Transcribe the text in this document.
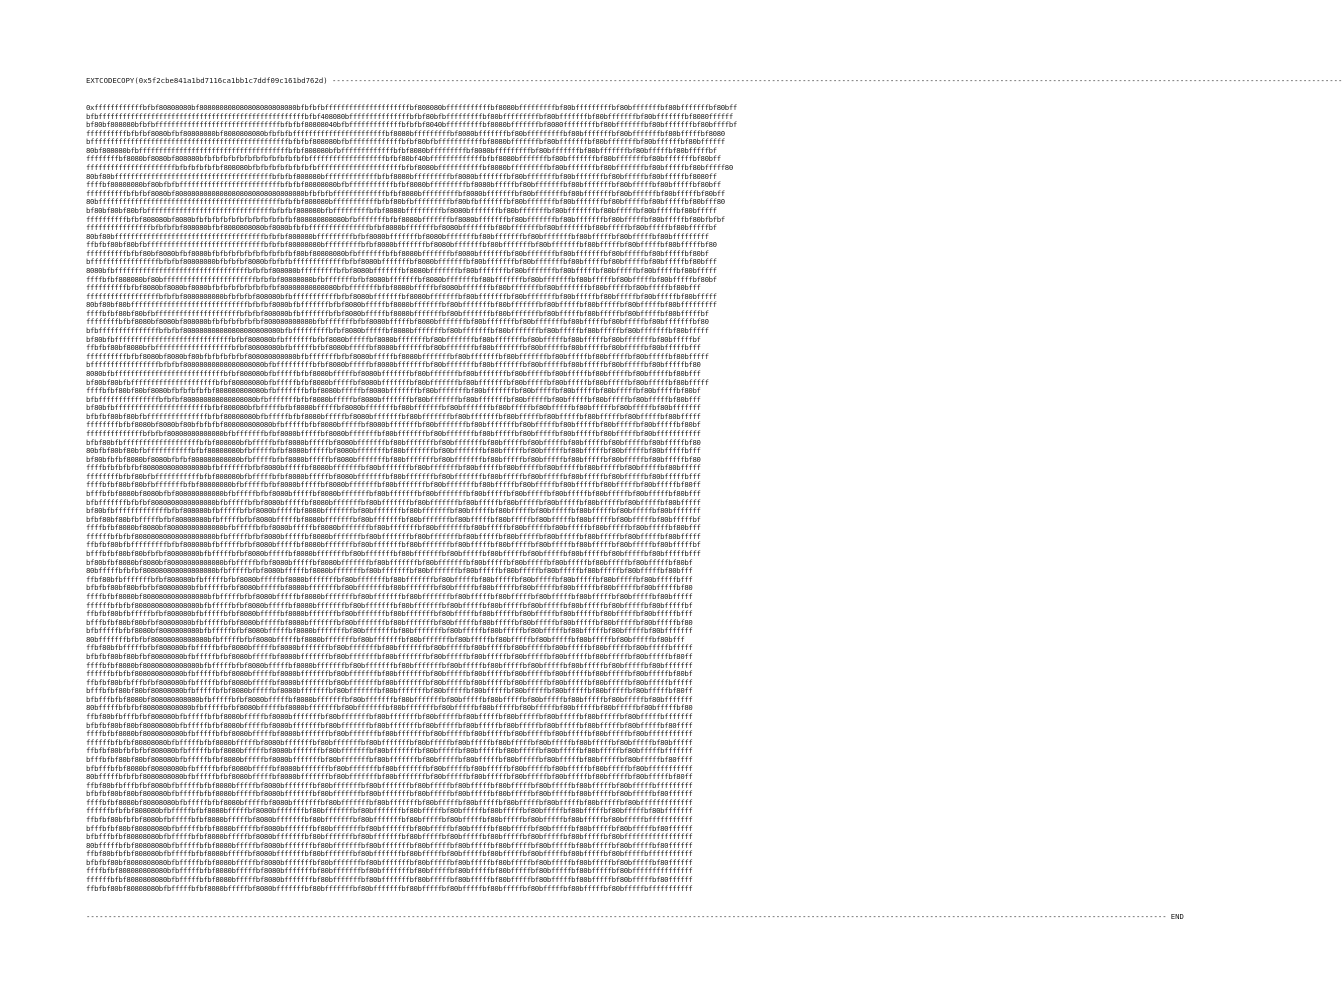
EXTCODECOPY(0x5f2cbe841a1bd7116ca1bb1c7ddf09c161bd762d) --------------------------------------------------------------------------------------------------------------------------------------------------------------------------------------------------------------------------------------
0xffffffffffffbfbf80808080bf808080808080808080808080bfbfbfbfffffffffffffffffffffbf808080bfffffffffffbf8080bfffffffffbf80bfffffffffbf80bfffffffbf80bfffffffbf80bff
bfbfffffffffffffffffffffffffffffffffffffffffffffffffffbfbf408080bfffffffffffffffbfbf80bfbfffffffffbf80bfffffffffbf80bfffffffbf80bfffffffbf80bfffffffbf8080ffffff
bf80bf808080bfbfbfffffffffffffffffffffffffffffffbfbfbf80808040bfbfffffffffffffbfbfbf8040bfffffffffbf8080bfffffffbf8080ffffffffbf80bfffffffbf80bfffffffbf80bffffbf
ffffffffffbfbfbf8080bfbf80808080bf8080808080bfbfbfbfffffffffffffffffffffffbf8080bfffffffffbf8080bfffffffbf80bfffffffffbf80bfffffffbf80bfffffffbf80bfffffbf8080
bfffffffffffffffffffffffffffffffffffffffffffffffffbfbfbf808080bfbfffffffffffffbfbf80bfbfffffffffffbf8080bfffffffbf80bfffffffbf80bfffffffbf80bffffffbf80bffffff
80bf808080bfbfffffffffffffffffffffffffffffffffffffbfbf808080bfbfffffffffffffbfbf8080bfffffffffbf8080bfffffffffbf80bfffffffbf80bfffffffbf80bfffffbf80bfffffbf
ffffffffbf8080bf8080bf808080bfbfbfbfbfbfbfbfbfbfbfbfbfbfffffffffffffffffffbfbf80bf40bfffffffffffffbfbf8080bfffffffbf80bfffffffbf80bfffffffbf80bfffffffbf80bff
ffffffffffffffffffffffbfbfbfbfbfbf808080bfbfbfbfbfbfbfbfbfffffffffffffffffffffbfbf8080bfffffffffffbf8080bfffffffffbf80bfffffffbf80bfffffffbf80bfffffbf80bfffff80
80bf80bfffffffffffffffffffffffffffffffffffffffbfbfbf808080bfffffffffffffbfbf8080bfffffffffbf8080bfffffffbf80bfffffffbf80bfffffffbf80bfffffbf80bfffffbf8080ff
ffffbf80808080bf80bfbfbfffffffffffffffffffffffffbfbfbf80808080bfbfffffffffffbfbf8080bfffffffffbf8080bfffffbf80bfffffffbf80bfffffffbf80bfffffbf80bfffffbf80bff
ffffffffffbfbfbf8080bf80808080808080808080808080808080bfbfbfbfffffffffffffbfbf8080bfffffffffbf8080bfffffffbf80bfffffffbf80bfffffffbf80bffffffbf80bfffffbf80bff
80bfffffffffffffffffffffffffffffffffffffffffffffbfbfbf808080bfffffffffffbfbf80bfbfffffffffbf80bfbfffffffbf80bfffffffbf80bfffffffbf80bfffffbf80bfffffbf80bfff80
bf80bf80bf80bfbfffffffffffffffffffffffffffffffbfbfbf808080bfbfffffffffbfbf8080bfffffffffbf8080bfffffffbf80bfffffffbf80bfffffffbf80bfffffbf80bfffffbf80bfffff
ffffffffffbfbf808080bf8080bfbfbfbfbfbfbfbfbfbfbfbfbf808080808080bfbfffffffbfbf8080bfffffffbf8080bfffffffbf80bfffffffbf80bfffffffbf80bfffffbf80bfffffbf80bfbfbf
ffffffffffffffffbfbfbfbf808080bfbf8080808080bf8080bfbfbfffffffffffffffbfbf8080bfffffffbf8080bfffffffbf80bfffffffbf80bfffffffbf80bfffffbf80bfffffbf80bfffffbf
80bf80bfffffffffffffffffffffffffffffffffffffbfbfbf808080bfffffffffbfbf8080bfffffffbf8080bfffffffbf80bfffffffbf80bfffffffbf80bfffffbf80bfffffbf80bfffffffff
ffbfbf80bf80bfbfffffffffffffffffffffffffffffbfbfbf80808080bfffffffffbfbf8080bfffffffbf8080bfffffffbf80bfffffffbf80bfffffffbf80bfffffbf80bfffffbf80bfffffbf80
ffffffffffbfbf80bf8080bfbf8080bfbfbfbfbfbfbfbfbfbfbf80bf80808080bfbfffffffbfbf8080bfffffffbf8080bfffffffbf80bfffffffbf80bfffffffbf80bfffffbf80bfffffbf80bf
bfffffffffffffffffbfbfbf80808080bfbfbfbf8080bfbfbfbfffffffffffffbfbf8080bfffffffbf8080bfffffffbf80bfffffffbf80bfffffffbf80bfffffbf80bfffffbf80bfffffbf80bfff
8080bfbfffffffffffffffffffffffffffffffffbfbfbf808080bfffffffffbfbf8080bfffffffbf8080bfffffffbf80bfffffffbf80bfffffffbf80bfffffbf80bfffffbf80bfffffbf80bfffff
ffffbfbf808080bf80bfffffffffffffffffffffffbfbfbf80808080bfbfffffffbfbf8080bfffffffbf8080bfffffffbf80bfffffffbf80bfffffffbf80bfffffbf80bfffffbf80bfffffbf80bf
ffffffffffbfbf8080bf8080bf8080bfbfbfbfbfbfbfbfbf80808080808080bfbfffffffbfbf8080bfffffbf8080bfffffffbf80bfffffffbf80bfffffffbf80bfffffbf80bfffffbf80bfff
ffffffffffffffffffbfbfbf8080808080bfbfbfbf808080bfbfffffffffffbfbf8080bfffffffbf8080bfffffffbf80bfffffffbf80bfffffffbf80bfffffbf80bfffffbf80bfffffbf80bfffff
80bf80bf80bfffffffffffffffffffffffffffffbfbfbf8080bfbfffffffbfbf8080bfffffbf8080bfffffffbf80bfffffffbf80bfffffffbf80bfffffbf80bfffffbf80bfffffbf80bfffffffff
ffffbfbf80bf80bfbfffffffffffffffffffffbfbfbf808080bfbfffffffbfbf8080bfffffbf8080bfffffffbf80bfffffffbf80bfffffffbf80bfffffbf80bfffffbf80bfffffbf80bfffffbf
ffffffffbfbf8080bf8080bf808080bfbfbfbfbfbfbf808080808080bfbfffffffbfbf8080bfffffbf8080bfffffffbf80bfffffffbf80bfffffffbf80bfffffbf80bfffffbf80bfffffffbf80
bfbfffffffffffffffbfbfbf808080808080808080808080bfbfffffffffbfbf8080bfffffbf8080bfffffffbf80bfffffffbf80bfffffffbf80bfffffbf80bfffffbf80bfffffffbf80bfffff
bf80bfbfffffffffffffffffffffffffffffbfbf808080bfbfffffffbfbf8080bfffffbf8080bfffffffbf80bfffffffbf80bfffffffbf80bfffffbf80bfffffbf80bfffffffbf80bfffffbf
ffbfbf80bf8080bfbfffffffffffffffffffbfbf80808080bfbfffffbfbf8080bfffffbf8080bfffffffbf80bfffffffbf80bfffffffbf80bfffffbf80bfffffbf80bfffffbf80bfffffbfff
ffffffffffbfbf8080bf8080bf80bfbfbfbfbfbf808080808080bfbfffffffbfbf8080bfffffbf8080bfffffffbf80bfffffffbf80bfffffffbf80bfffffbf80bfffffbf80bfffffbf80bfffff
bfffffffffffffffffbfbfbf80808080808080808080bfbfffffffffbfbf8080bfffffbf8080bfffffffbf80bfffffffbf80bfffffffbf80bfffffbf80bfffffbf80bfffffbf80bfffffbf80
8080bfbfffffffffffffffffffffffffffbfbf808080bfbfffffbfbf8080bfffffbf8080bfffffffbf80bfffffffbf80bfffffffbf80bfffffbf80bfffffbf80bfffffbf80bfffffbf80bfff
bf80bf80bfbfffffffffffffffffffffbfbf80808080bfbfffffbfbf8080bfffffbf8080bfffffffbf80bfffffffbf80bfffffffbf80bfffffbf80bfffffbf80bfffffbf80bfffffbf80bfffff
ffffbfbf80bf80bf8080bfbfbfbfbfbf808080808080bfbfffffffbfbf8080bfffffbf8080bfffffffbf80bfffffffbf80bfffffffbf80bfffffbf80bfffffbf80bfffffbf80bfffffbf80bf
bfbfffffffffffffffbfbfbf808080808080808080bfbfffffffbfbf8080bfffffbf8080bfffffffbf80bfffffffbf80bfffffffbf80bfffffbf80bfffffbf80bfffffbf80bfffffbf80bfff
bf80bfbfffffffffffffffffffffffbfbf808080bfbfffffbfbf8080bfffffbf8080bfffffffbf80bfffffffbf80bfffffffbf80bfffffbf80bfffffbf80bfffffbf80bfffffbf80bfffffff
bfbfbf80bf80bfbfffffffffffffffbfbf80808080bfbfffffbfbf8080bfffffbf8080bfffffffbf80bfffffffbf80bfffffffbf80bfffffbf80bfffffbf80bfffffbf80bfffffbf80bfffff
ffffffffbfbf8080bf8080bf80bfbfbfbf808080808080bfbfffffbfbf8080bfffffbf8080bfffffffbf80bfffffffbf80bfffffffbf80bfffffbf80bfffffbf80bfffffbf80bfffffbf80bf
ffffffffffffffbfbfbf80808080808080bfbfffffffbfbf8080bfffffbf8080bfffffffbf80bfffffffbf80bfffffffbf80bfffffbf80bfffffbf80bfffffbf80bfffffbf80bfffffffffff
bfbf80bfbfffffffffffffffffffbfbf808080bfbfffffbfbf8080bfffffbf8080bfffffffbf80bfffffffbf80bfffffffbf80bfffffbf80bfffffbf80bfffffbf80bfffffbf80bfffffbf80
80bfbf80bf80bfbfffffffffffbfbf80808080bfbfffffbfbf8080bfffffbf8080bfffffffbf80bfffffffbf80bfffffffbf80bfffffbf80bfffffbf80bfffffbf80bfffffbf80bfffffbfff
bf80bfbfbf8080bf8080bfbfbf808080808080bfbfffffbfbf8080bfffffbf8080bfffffffbf80bfffffffbf80bfffffffbf80bfffffbf80bfffffbf80bfffffbf80bfffffbf80bfffffbf80
ffffbfbfbfbfbf8080808080808080bfbfffffffbfbf8080bfffffbf8080bfffffffbf80bfffffffbf80bfffffffbf80bfffffbf80bfffffbf80bfffffbf80bfffffbf80bfffffbf80bfffff
ffffffffbfbf80bfbfffffffffffbfbf808080bfbfffffbfbf8080bfffffbf8080bfffffffbf80bfffffffbf80bfffffffbf80bfffffbf80bfffffbf80bfffffbf80bfffffbf80bfffffbfff
ffffbfbf80bf80bfbfffffffbfbf80808080bfbfffffbfbf8080bfffffbf8080bfffffffbf80bfffffffbf80bfffffffbf80bfffffbf80bfffffbf80bfffffbf80bfffffbf80bfffffbf80ff
bfffbfbf8080bf8080bfbf808080808080bfbfffffbfbf8080bfffffbf8080bfffffffbf80bfffffffbf80bfffffffbf80bfffffbf80bfffffbf80bfffffbf80bfffffbf80bfffffbf80bfff
bfbfffffffbfbfbf8080808080808080bfbfffffbfbf8080bfffffbf8080bfffffffbf80bfffffffbf80bfffffffbf80bfffffbf80bfffffbf80bfffffbf80bfffffbf80bfffffbf80bfffff
bf80bfbfffffffffffffbfbf808080bfbfffffbfbf8080bfffffbf8080bfffffffbf80bfffffffbf80bfffffffbf80bfffffbf80bfffffbf80bfffffbf80bfffffbf80bfffffbf80bfffffff
bfbf80bf80bfbfffffbfbf80808080bfbfffffbfbf8080bfffffbf8080bfffffffbf80bfffffffbf80bfffffffbf80bfffffbf80bfffffbf80bfffffbf80bfffffbf80bfffffbf80bfffffbf
ffffbfbf8080bf8080bf80808080808080bfbfffffbfbf8080bfffffbf8080bfffffffbf80bfffffffbf80bfffffffbf80bfffffbf80bfffffbf80bfffffbf80bfffffbf80bfffffbf80bfff
ffffffbfbfbf80808080808080808080bfbfffffbfbf8080bfffffbf8080bfffffffbf80bfffffffbf80bfffffffbf80bfffffbf80bfffffbf80bfffffbf80bfffffbf80bfffffbf80bfffff
ffbfbf80bfbfffffffffbfbf808080bfbfffffbfbf8080bfffffbf8080bfffffffbf80bfffffffbf80bfffffffbf80bfffffbf80bfffffbf80bfffffbf80bfffffbf80bfffffbf80bfffffbf
bfffbfbf80bf80bfbfbf80808080bfbfffffbfbf8080bfffffbf8080bfffffffbf80bfffffffbf80bfffffffbf80bfffffbf80bfffffbf80bfffffbf80bfffffbf80bfffffbf80bfffffbfff
bf80bfbf8080bf8080bf80808080808080bfbfffffbfbf8080bfffffbf8080bfffffffbf80bfffffffbf80bfffffffbf80bfffffbf80bfffffbf80bfffffbf80bfffffbf80bfffffbf80bf
80bfffffbfbfbf808080808080808080bfbfffffbfbf8080bfffffbf8080bfffffffbf80bfffffffbf80bfffffffbf80bfffffbf80bfffffbf80bfffffbf80bfffffbf80bfffffbf80bfff
ffbf80bfbfffffffbfbf808080bfbfffffbfbf8080bfffffbf8080bfffffffbf80bfffffffbf80bfffffffbf80bfffffbf80bfffffbf80bfffffbf80bfffffbf80bfffffbf80bfffffbfff
bfbfbf80bf80bfbfbf80808080bfbfffffbfbf8080bfffffbf8080bfffffffbf80bfffffffbf80bfffffffbf80bfffffbf80bfffffbf80bfffffbf80bfffffbf80bfffffbf80bfffffbf80
ffffbfbf8080bf8080808080808080bfbfffffbfbf8080bfffffbf8080bfffffffbf80bfffffffbf80bfffffffbf80bfffffbf80bfffffbf80bfffffbf80bfffffbf80bfffffbf80bfffff
ffffffbfbfbf8080808080808080bfbfffffbfbf8080bfffffbf8080bfffffffbf80bfffffffbf80bfffffffbf80bfffffbf80bfffffbf80bfffffbf80bfffffbf80bfffffbf80bfffffbf
ffbfbf80bfbfffffbfbf808080bfbfffffbfbf8080bfffffbf8080bfffffffbf80bfffffffbf80bfffffffbf80bfffffbf80bfffffbf80bfffffbf80bfffffbf80bfffffbf80bfffffbfff
bfffbfbf80bf80bfbf80808080bfbfffffbfbf8080bfffffbf8080bfffffffbf80bfffffffbf80bfffffffbf80bfffffbf80bfffffbf80bfffffbf80bfffffbf80bfffffbf80bfffffbf80
bfbfffffbfbf8080bf8080808080bfbfffffbfbf8080bfffffbf8080bfffffffbf80bfffffffbf80bfffffffbf80bfffffbf80bfffffbf80bfffffbf80bfffffbf80bfffffbf80bfffffff
80bfffffffbfbfbf80808080808080bfbfffffbfbf8080bfffffbf8080bfffffffbf80bfffffffbf80bfffffffbf80bfffffbf80bfffffbf80bfffffbf80bfffffbf80bfffffbf80bfff
ffbf80bfbfffffbfbf808080bfbfffffbfbf8080bfffffbf8080bfffffffbf80bfffffffbf80bfffffffbf80bfffffbf80bfffffbf80bfffffbf80bfffffbf80bfffffbf80bfffffbfffff
bfbfbf80bf80bfbf80808080bfbfffffbfbf8080bfffffbf8080bfffffffbf80bfffffffbf80bfffffffbf80bfffffbf80bfffffbf80bfffffbf80bfffffbf80bfffffbf80bfffffbf80ff
ffffbfbf8080bf80808080808080bfbfffffbfbf8080bfffffbf8080bfffffffbf80bfffffffbf80bfffffffbf80bfffffbf80bfffffbf80bfffffbf80bfffffbf80bfffffbf80bfffffff
ffffffbfbfbf808080808080bfbfffffbfbf8080bfffffbf8080bfffffffbf80bfffffffbf80bfffffffbf80bfffffbf80bfffffbf80bfffffbf80bfffffbf80bfffffbf80bfffffbf80bf
ffbfbf80bfbfffbfbf808080bfbfffffbfbf8080bfffffbf8080bfffffffbf80bfffffffbf80bfffffffbf80bfffffbf80bfffffbf80bfffffbf80bfffffbf80bfffffbf80bfffffbfffff
bfffbfbf80bf80bf80808080bfbfffffbfbf8080bfffffbf8080bfffffffbf80bfffffffbf80bfffffffbf80bfffffbf80bfffffbf80bfffffbf80bfffffbf80bfffffbf80bfffffbf80ff
bfbfffbfbf8080bf808080808080bfbfffffbfbf8080bfffffbf8080bfffffffbf80bfffffffbf80bfffffffbf80bfffffbf80bfffffbf80bfffffbf80bfffffbf80bfffffbf80bfffffff
80bfffffbfbfbf808080808080bfbfffffbfbf8080bfffffbf8080bfffffffbf80bfffffffbf80bfffffffbf80bfffffbf80bfffffbf80bfffffbf80bfffffbf80bfffffbf80bfffffbf80
ffbf80bfbfffbfbf808080bfbfffffbfbf8080bfffffbf8080bfffffffbf80bfffffffbf80bfffffffbf80bfffffbf80bfffffbf80bfffffbf80bfffffbf80bfffffbf80bfffffbfffffff
bfbfbf80bf80bf80808080bfbfffffbfbf8080bfffffbf8080bfffffffbf80bfffffffbf80bfffffffbf80bfffffbf80bfffffbf80bfffffbf80bfffffbf80bfffffbf80bfffffbf80ffff
ffffbfbf8080bf8080808080bfbfffffbfbf8080bfffffbf8080bfffffffbf80bfffffffbf80bfffffffbf80bfffffbf80bfffffbf80bfffffbf80bfffffbf80bfffffbf80bfffffffffff
ffffffbfbfbf80808080bfbfffffbfbf8080bfffffbf8080bfffffffbf80bfffffffbf80bfffffffbf80bfffffbf80bfffffbf80bfffffbf80bfffffbf80bfffffbf80bfffffbf80bfffff
ffbfbf80bfbfbfbf808080bfbfffffbfbf8080bfffffbf8080bfffffffbf80bfffffffbf80bfffffffbf80bfffffbf80bfffffbf80bfffffbf80bfffffbf80bfffffbf80bfffffbfffffff
bfffbfbf80bf80bf808080bfbfffffbfbf8080bfffffbf8080bfffffffbf80bfffffffbf80bfffffffbf80bfffffbf80bfffffbf80bfffffbf80bfffffbf80bfffffbf80bfffffbf80ffff
bfbfffbfbf8080bf80808080bfbfffffbfbf8080bfffffbf8080bfffffffbf80bfffffffbf80bfffffffbf80bfffffbf80bfffffbf80bfffffbf80bfffffbf80bfffffbf80bfffffffffff
80bfffffbfbfbf8080808080bfbfffffbfbf8080bfffffbf8080bfffffffbf80bfffffffbf80bfffffffbf80bfffffbf80bfffffbf80bfffffbf80bfffffbf80bfffffbf80bfffffbf80ff
ffbf80bfbfffbfbf8080bfbfffffbfbf8080bfffffbf8080bfffffffbf80bfffffffbf80bfffffffbf80bfffffbf80bfffffbf80bfffffbf80bfffffbf80bfffffbf80bfffffbfffffffff
bfbfbf80bf80bf808080bfbfffffbfbf8080bfffffbf8080bfffffffbf80bfffffffbf80bfffffffbf80bfffffbf80bfffffbf80bfffffbf80bfffffbf80bfffffbf80bfffffbf80ffffff
ffffbfbf8080bf80808080bfbfffffbfbf8080bfffffbf8080bfffffffbf80bfffffffbf80bfffffffbf80bfffffbf80bfffffbf80bfffffbf80bfffffbf80bfffffbf80bfffffffffffff
ffffffbfbfbf808080bfbfffffbfbf8080bfffffbf8080bfffffffbf80bfffffffbf80bfffffffbf80bfffffbf80bfffffbf80bfffffbf80bfffffbf80bfffffbf80bfffffbf80bfffffff
ffbfbf80bfbfbf8080bfbfffffbfbf8080bfffffbf8080bfffffffbf80bfffffffbf80bfffffffbf80bfffffbf80bfffffbf80bfffffbf80bfffffbf80bfffffbf80bfffffbfffffffffff
bfffbfbf80bf80808080bfbfffffbfbf8080bfffffbf8080bfffffffbf80bfffffffbf80bfffffffbf80bfffffbf80bfffffbf80bfffffbf80bfffffbf80bfffffbf80bfffffbf80ffffff
bfbfffbfbf80808080bfbfffffbfbf8080bfffffbf8080bfffffffbf80bfffffffbf80bfffffffbf80bfffffbf80bfffffbf80bfffffbf80bfffffbf80bfffffbf80bfffffffffffffffff
80bfffffbfbf80808080bfbfffffbfbf8080bfffffbf8080bfffffffbf80bfffffffbf80bfffffffbf80bfffffbf80bfffffbf80bfffffbf80bfffffbf80bfffffbf80bfffffbf80ffffff
ffbf80bfbfbf808080bfbfffffbfbf8080bfffffbf8080bfffffffbf80bfffffffbf80bfffffffbf80bfffffbf80bfffffbf80bfffffbf80bfffffbf80bfffffbf80bfffffbfffffffffff
bfbfbf80bf8080808080bfbfffffbfbf8080bfffffbf8080bfffffffbf80bfffffffbf80bfffffffbf80bfffffbf80bfffffbf80bfffffbf80bfffffbf80bfffffbf80bfffffbf80ffffff
ffffbfbf808080808080bfbfffffbfbf8080bfffffbf8080bfffffffbf80bfffffffbf80bfffffffbf80bfffffbf80bfffffbf80bfffffbf80bfffffbf80bfffffbf80bfffffffffffffff
ffffffbfbf8080808080bfbfffffbfbf8080bfffffbf8080bfffffffbf80bfffffffbf80bfffffffbf80bfffffbf80bfffffbf80bfffffbf80bfffffbf80bfffffbf80bfffffbf80ffffff
ffbfbf80bf80808080bfbfffffbfbf8080bfffffbf8080bfffffffbf80bfffffffbf80bfffffffbf80bfffffbf80bfffffbf80bfffffbf80bfffffbf80bfffffbf80bfffffbfffffffffff
------------------------------------------------------------------------------------------------------------------------------------------------------------------------------------------------------------------------------------------------------ END
